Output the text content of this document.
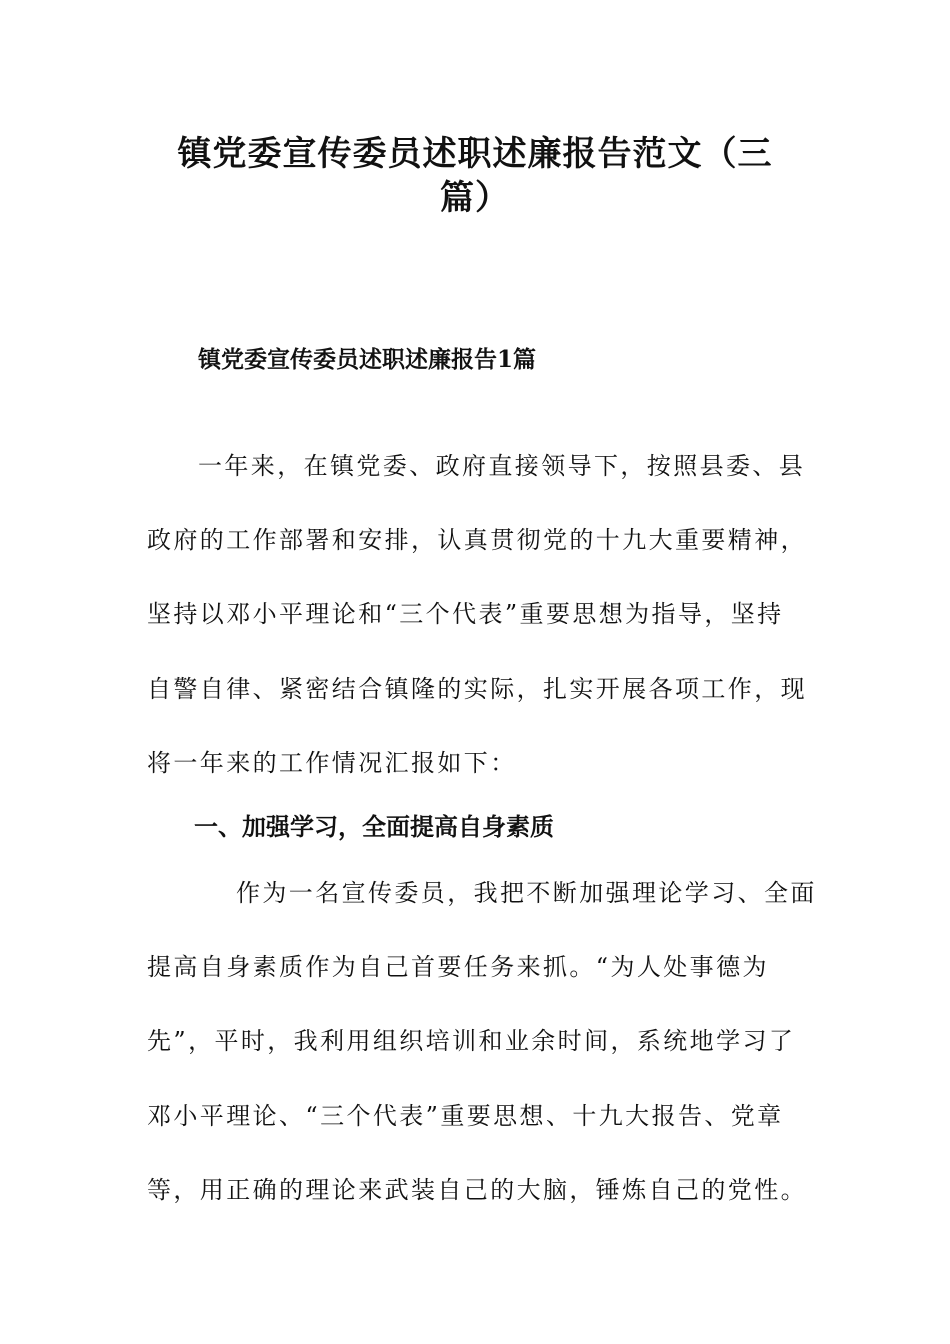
镇党委宣传委员述职述廉报告范文（三
篇）
镇党委宣传委员述职述廉报告1篇
一年来，在镇党委、政府直接领导下，按照县委、县
政府的工作部署和安排，认真贯彻党的十九大重要精神，
坚持以邓小平理论和“三个代表”重要思想为指导，坚持
自警自律、紧密结合镇隆的实际，扎实开展各项工作，现
将一年来的工作情况汇报如下：
一、加强学习，全面提高自身素质
作为一名宣传委员，我把不断加强理论学习、全面
提高自身素质作为自己首要任务来抓。“为人处事德为
先”，平时，我利用组织培训和业余时间，系统地学习了
邓小平理论、“三个代表”重要思想、十九大报告、党章
等，用正确的理论来武装自己的大脑，锤炼自己的党性。
